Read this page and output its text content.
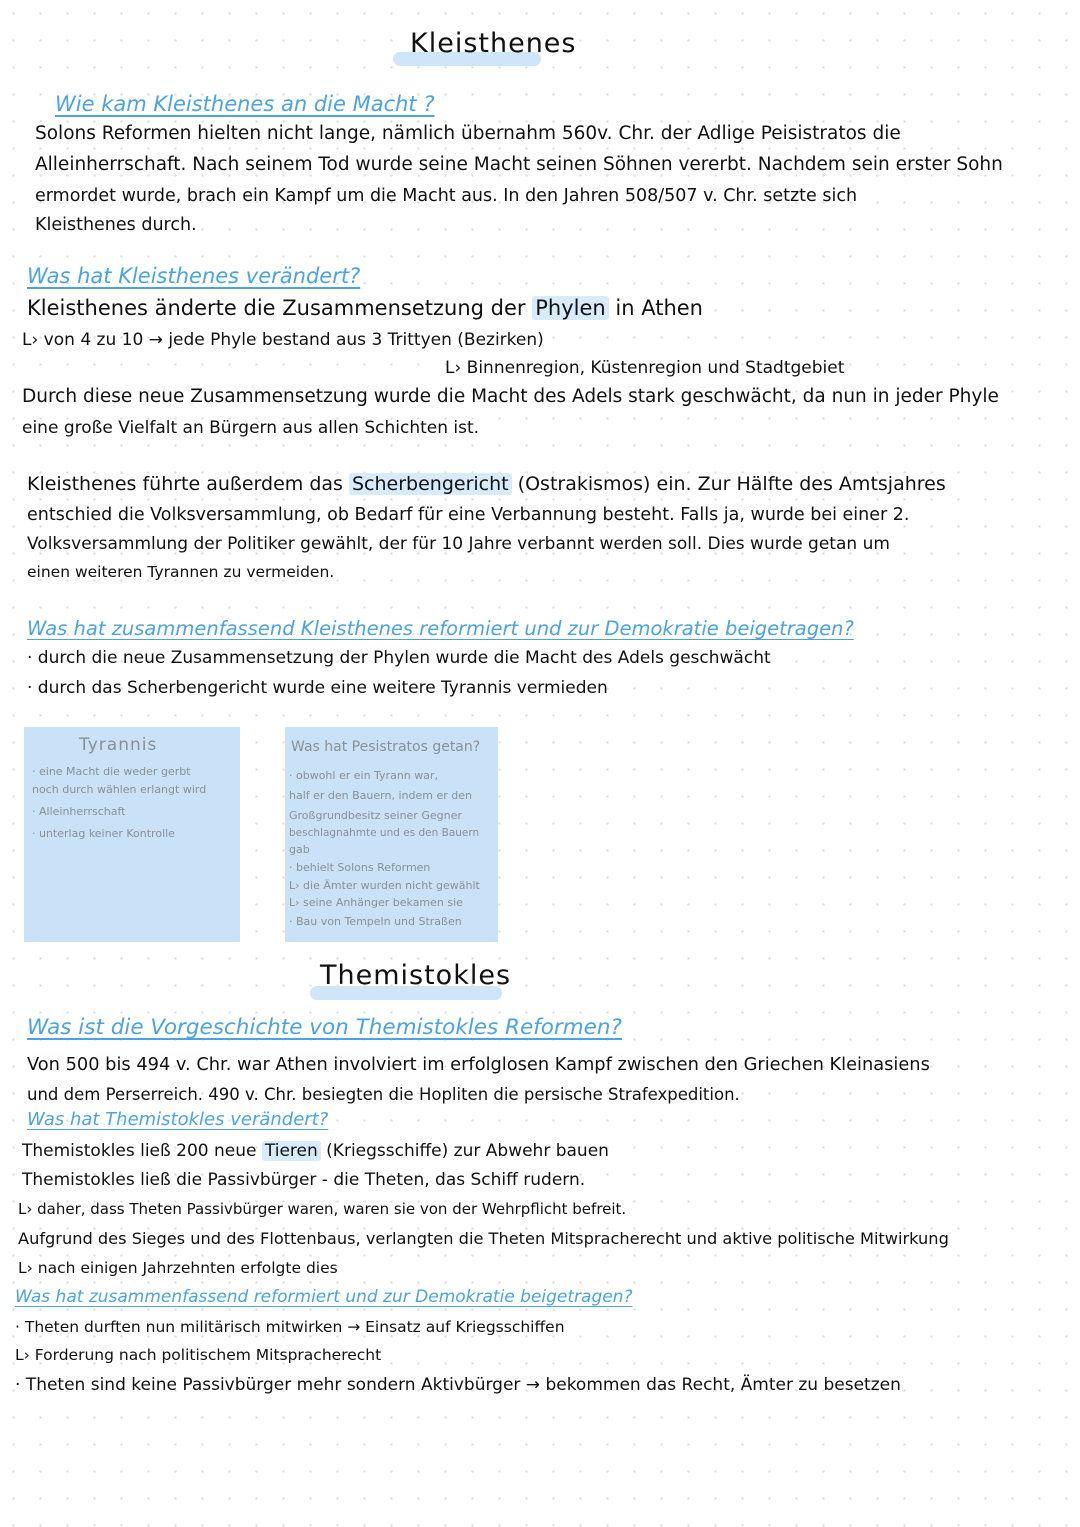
Kleisthenes
Wie kam Kleisthenes an die Macht ?
Solons Reformen hielten nicht lange, nämlich übernahm 560v. Chr. der Adlige Peisistratos die
Alleinherrschaft. Nach seinem Tod wurde seine Macht seinen Söhnen vererbt. Nachdem sein erster Sohn
ermordet wurde, brach ein Kampf um die Macht aus. In den Jahren 508/507 v. Chr. setzte sich
Kleisthenes durch.
Was hat Kleisthenes verändert?
Kleisthenes änderte die Zusammensetzung der Phylen in Athen
L› von 4 zu 10 → jede Phyle bestand aus 3 Trittyen (Bezirken)
L› Binnenregion, Küstenregion und Stadtgebiet
Durch diese neue Zusammensetzung wurde die Macht des Adels stark geschwächt, da nun in jeder Phyle
eine große Vielfalt an Bürgern aus allen Schichten ist.
Kleisthenes führte außerdem das Scherbengericht (Ostrakismos) ein. Zur Hälfte des Amtsjahres
entschied die Volksversammlung, ob Bedarf für eine Verbannung besteht. Falls ja, wurde bei einer 2.
Volksversammlung der Politiker gewählt, der für 10 Jahre verbannt werden soll. Dies wurde getan um
einen weiteren Tyrannen zu vermeiden.
Was hat zusammenfassend Kleisthenes reformiert und zur Demokratie beigetragen?
· durch die neue Zusammensetzung der Phylen wurde die Macht des Adels geschwächt
· durch das Scherbengericht wurde eine weitere Tyrannis vermieden
Tyrannis
· eine Macht die weder gerbt
noch durch wählen erlangt wird
· Alleinherrschaft
· unterlag keiner Kontrolle
Was hat Pesistratos getan?
· obwohl er ein Tyrann war,
half er den Bauern, indem er den
Großgrundbesitz seiner Gegner
beschlagnahmte und es den Bauern
gab
· behielt Solons Reformen
L› die Ämter wurden nicht gewählt
L› seine Anhänger bekamen sie
· Bau von Tempeln und Straßen
Themistokles
Was ist die Vorgeschichte von Themistokles Reformen?
Von 500 bis 494 v. Chr. war Athen involviert im erfolglosen Kampf zwischen den Griechen Kleinasiens
und dem Perserreich. 490 v. Chr. besiegten die Hopliten die persische Strafexpedition.
Was hat Themistokles verändert?
Themistokles ließ 200 neue Tieren (Kriegsschiffe) zur Abwehr bauen
Themistokles ließ die Passivbürger - die Theten, das Schiff rudern.
L› daher, dass Theten Passivbürger waren, waren sie von der Wehrpflicht befreit.
Aufgrund des Sieges und des Flottenbaus, verlangten die Theten Mitspracherecht und aktive politische Mitwirkung
L› nach einigen Jahrzehnten erfolgte dies
Was hat zusammenfassend reformiert und zur Demokratie beigetragen?
· Theten durften nun militärisch mitwirken → Einsatz auf Kriegsschiffen
L› Forderung nach politischem Mitspracherecht
· Theten sind keine Passivbürger mehr sondern Aktivbürger → bekommen das Recht, Ämter zu besetzen
